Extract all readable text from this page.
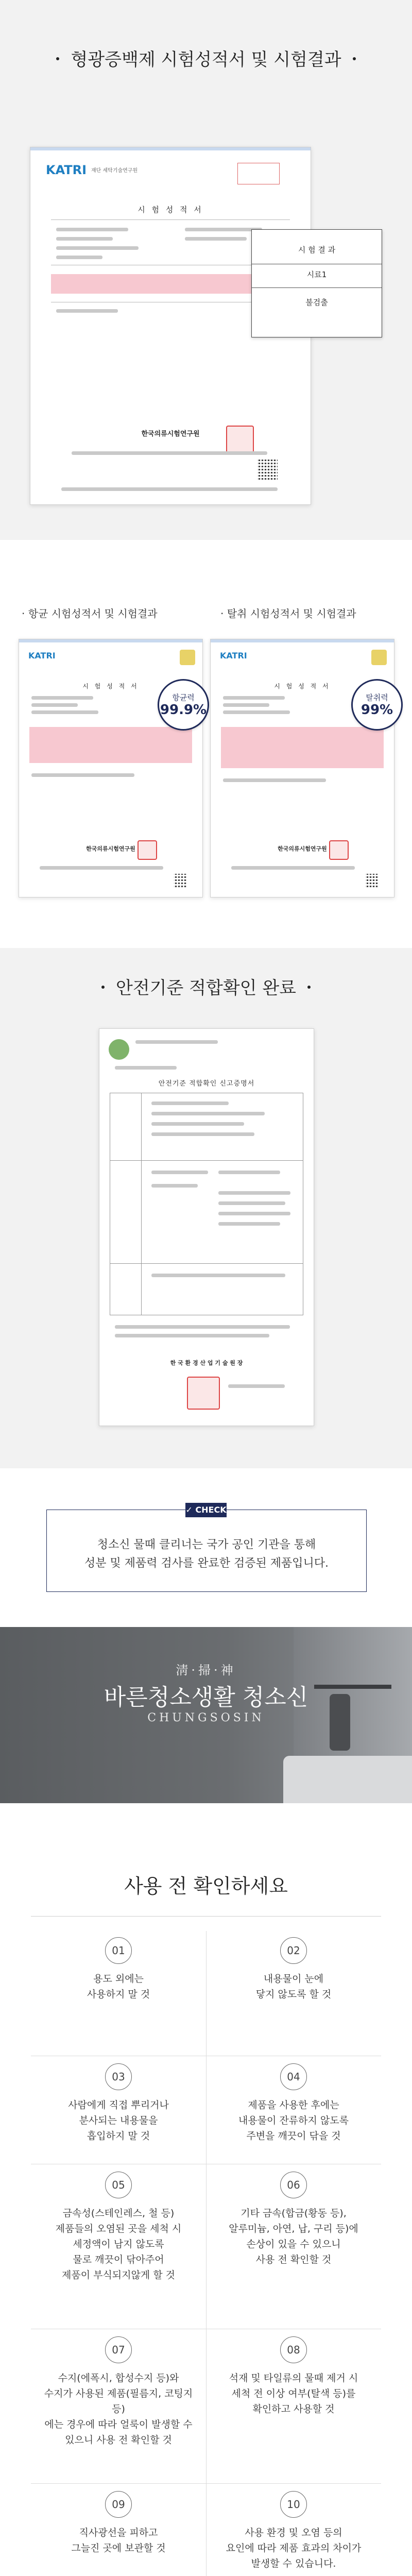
형광증백제 시험성적서 및 시험결과
KATRI 재단 세탁기술연구원
시 험 성 적 서
한국의류시험연구원
시 험 결 과
시료1
불검출
· 항균 시험성적서 및 시험결과	· 탈취 시험성적서 및 시험결과
KATRI
시 험 성 적 서
한국의류시험연구원
항균력
99.9%
KATRI
시 험 성 적 서
한국의류시험연구원
탈취력
99%
안전기준 적합확인 완료
안전기준 적합확인 신고증명서
한 국 환 경 산 업 기 술 원 장
청소신 물때 클리너는 국가 공인 기관을 통해
성분 및 제품력 검사를 완료한 검증된 제품입니다.
✓ CHECK
淸·掃·神
바른청소생활 청소신
CHUNGSOSIN
사용 전 확인하세요
01
용도 외에는
사용하지 말 것
02
내용물이 눈에
닿지 않도록 할 것
03
사람에게 직접 뿌리거나
분사되는 내용물을
흡입하지 말 것
04
제품을 사용한 후에는
내용물이 잔류하지 않도록
주변을 깨끗이 닦을 것
05
금속성(스테인레스, 철 등)
제품들의 오염된 곳을 세척 시
세정액이 남지 않도록
물로 깨끗이 닦아주어
제품이 부식되지않게 할 것
06
기타 금속(합금(황동 등),
알루미늄, 아연, 납, 구리 등)에
손상이 있을 수 있으니
사용 전 확인할 것
07
수지(에폭시, 합성수지 등)와
수지가 사용된 제품(필름지, 코팅지 등)
에는 경우에 따라 얼룩이 발생할 수
있으니 사용 전 확인할 것
08
석재 및 타일류의 물때 제거 시
세척 전 이상 여부(탈색 등)를
확인하고 사용할 것
09
직사광선을 피하고
그늘진 곳에 보관할 것
10
사용 환경 및 오염 등의
요인에 따라 제품 효과의 차이가
발생할 수 있습니다.
